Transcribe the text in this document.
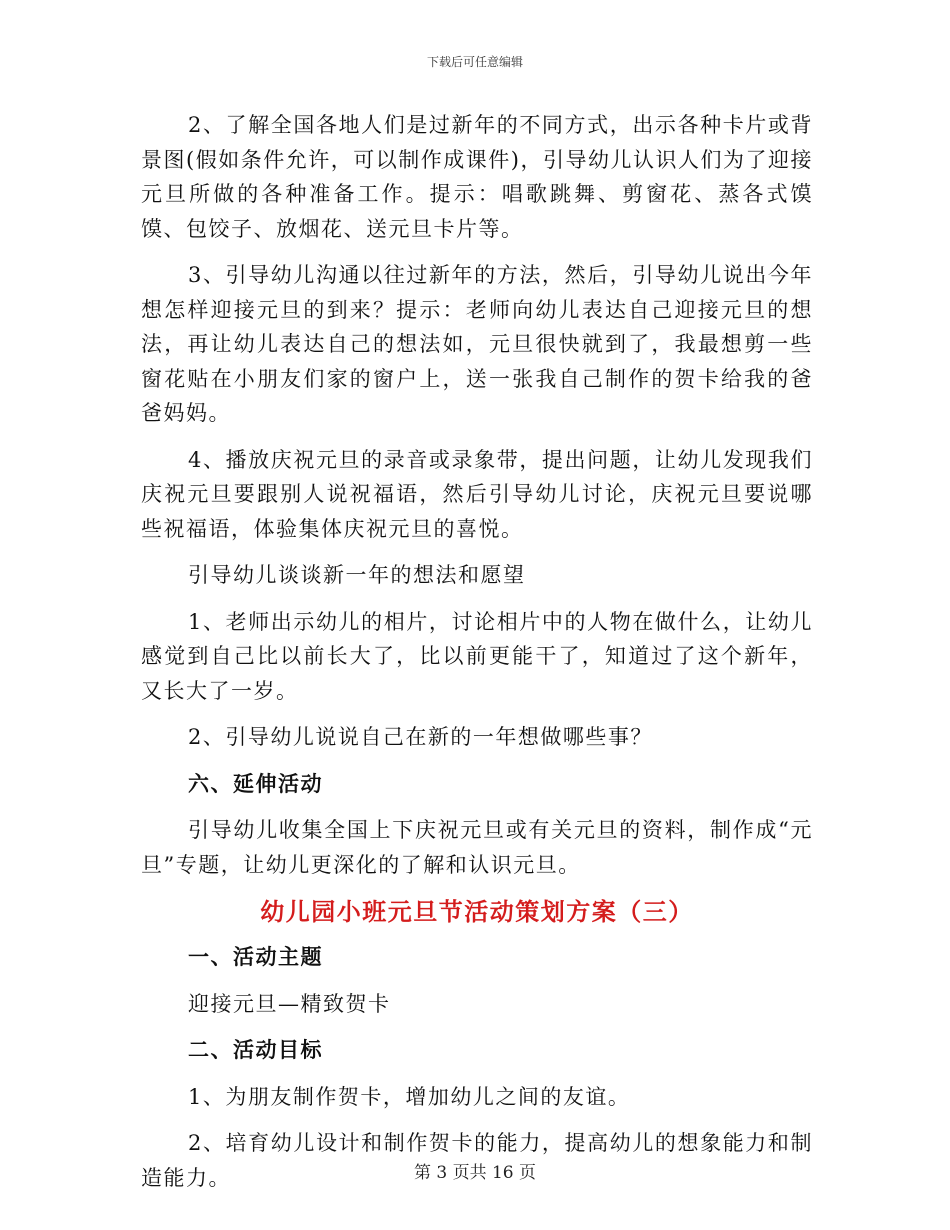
下载后可任意编辑

2、了解全国各地人们是过新年的不同方式，出示各种卡片或背景图(假如条件允许，可以制作成课件)，引导幼儿认识人们为了迎接元旦所做的各种准备工作。提示：唱歌跳舞、剪窗花、蒸各式馍馍、包饺子、放烟花、送元旦卡片等。

3、引导幼儿沟通以往过新年的方法，然后，引导幼儿说出今年想怎样迎接元旦的到来？提示：老师向幼儿表达自己迎接元旦的想法，再让幼儿表达自己的想法如，元旦很快就到了，我最想剪一些窗花贴在小朋友们家的窗户上，送一张我自己制作的贺卡给我的爸爸妈妈。

4、播放庆祝元旦的录音或录象带，提出问题，让幼儿发现我们庆祝元旦要跟别人说祝福语，然后引导幼儿讨论，庆祝元旦要说哪些祝福语，体验集体庆祝元旦的喜悦。

引导幼儿谈谈新一年的想法和愿望

1、老师出示幼儿的相片，讨论相片中的人物在做什么，让幼儿感觉到自己比以前长大了，比以前更能干了，知道过了这个新年，又长大了一岁。

2、引导幼儿说说自己在新的一年想做哪些事？

六、延伸活动

引导幼儿收集全国上下庆祝元旦或有关元旦的资料，制作成“元旦”专题，让幼儿更深化的了解和认识元旦。

幼儿园小班元旦节活动策划方案（三）

一、活动主题

迎接元旦—精致贺卡

二、活动目标

1、为朋友制作贺卡，增加幼儿之间的友谊。

2、培育幼儿设计和制作贺卡的能力，提高幼儿的想象能力和制造能力。	第 3 页共 16 页
